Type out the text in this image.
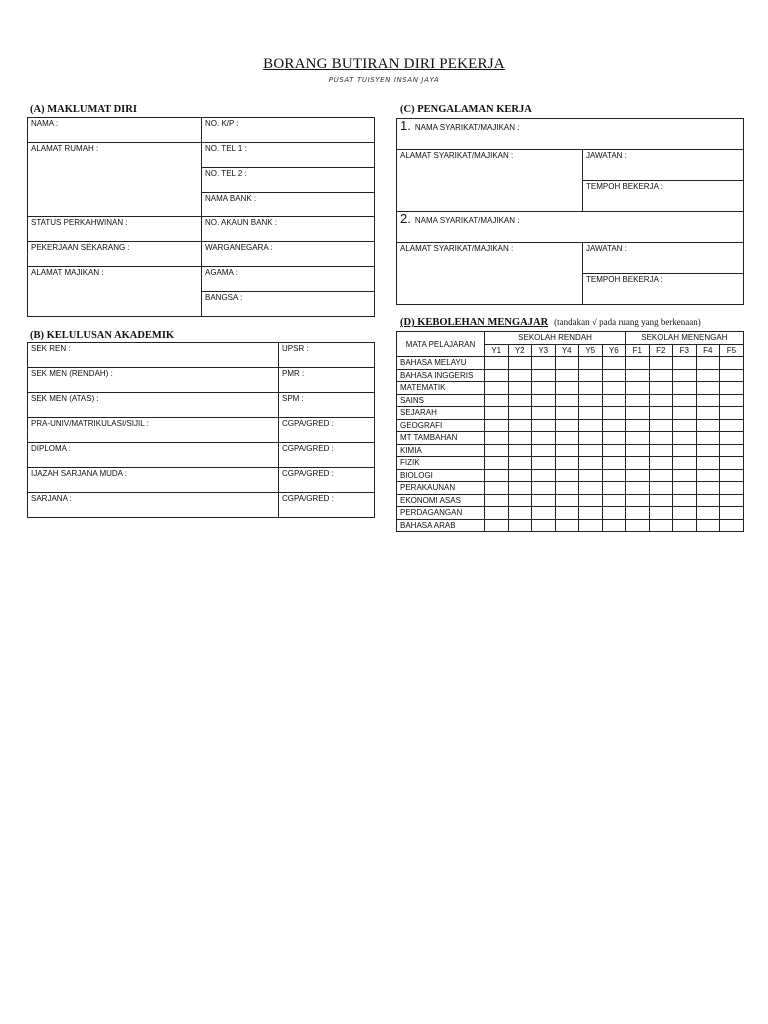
BORANG BUTIRAN DIRI PEKERJA
PUSAT TUISYEN INSAN JAYA
(A) MAKLUMAT DIRI
NAMA :	NO. K/P :
ALAMAT RUMAH :	NO. TEL 1 :
	NO. TEL 2 :
	NAMA BANK :
STATUS PERKAHWINAN :	NO. AKAUN BANK :
PEKERJAAN SEKARANG :	WARGANEGARA :
ALAMAT MAJIKAN :	AGAMA :
	BANGSA :
(B) KELULUSAN AKADEMIK
SEK REN :	UPSR :
SEK MEN (RENDAH) :	PMR :
SEK MEN (ATAS) :	SPM :
PRA-UNIV/MATRIKULASI/SIJIL :	CGPA/GRED :
DIPLOMA :	CGPA/GRED :
IJAZAH SARJANA MUDA :	CGPA/GRED :
SARJANA :	CGPA/GRED :
(C) PENGALAMAN KERJA
1. NAMA SYARIKAT/MAJIKAN :	
ALAMAT SYARIKAT/MAJIKAN :	JAWATAN :
	TEMPOH BEKERJA :
2. NAMA SYARIKAT/MAJIKAN :	
ALAMAT SYARIKAT/MAJIKAN :	JAWATAN :
	TEMPOH BEKERJA :
(D) KEBOLEHAN MENGAJAR (tandakan √ pada ruang yang berkenaan)
MATA PELAJARAN	SEKOLAH RENDAH						SEKOLAH MENENGAH				
	Y1	Y2	Y3	Y4	Y5	Y6	F1	F2	F3	F4	F5
BAHASA MELAYU											
BAHASA INGGERIS											
MATEMATIK											
SAINS											
SEJARAH											
GEOGRAFI											
MT TAMBAHAN											
KIMIA											
FIZIK											
BIOLOGI											
PERAKAUNAN											
EKONOMI ASAS											
PERDAGANGAN											
BAHASA ARAB											
